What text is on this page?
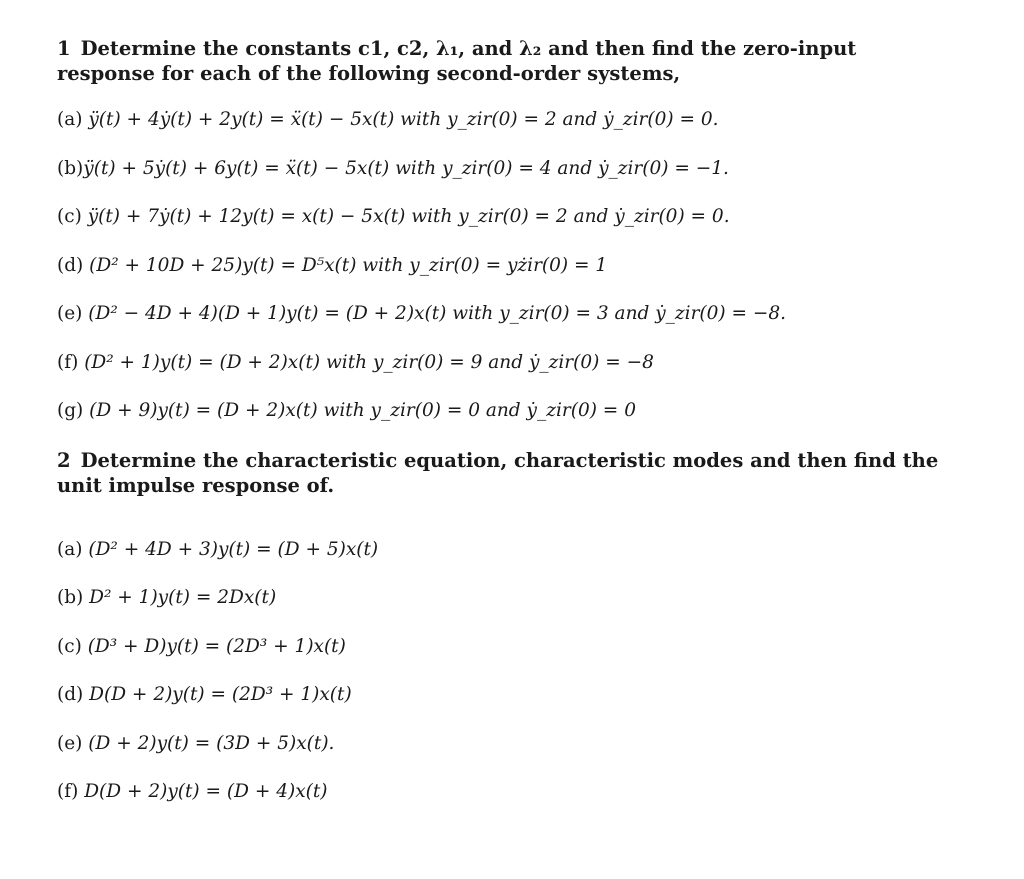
1 Determine the constants c1, c2, λ₁, and λ₂ and then find the zero-input response for each of the following second-order systems,

(a) ÿ(t) + 4ẏ(t) + 2y(t) = ẍ(t) − 5x(t) with y_zir(0) = 2 and ẏ_zir(0) = 0.
(b)ÿ(t) + 5ẏ(t) + 6y(t) = ẍ(t) − 5x(t) with y_zir(0) = 4 and ẏ_zir(0) = −1.
(c) ÿ(t) + 7ẏ(t) + 12y(t) = x(t) − 5x(t) with y_zir(0) = 2 and ẏ_zir(0) = 0.
(d) (D² + 10D + 25)y(t) = D⁵x(t) with y_zir(0) = yżir(0) = 1
(e) (D² − 4D + 4)(D + 1)y(t) = (D + 2)x(t) with y_zir(0) = 3 and ẏ_zir(0) = −8.
(f) (D² + 1)y(t) = (D + 2)x(t) with y_zir(0) = 9 and ẏ_zir(0) = −8
(g) (D + 9)y(t) = (D + 2)x(t) with y_zir(0) = 0 and ẏ_zir(0) = 0

2 Determine the characteristic equation, characteristic modes and then find the unit impulse response of.

(a) (D² + 4D + 3)y(t) = (D + 5)x(t)
(b) D² + 1)y(t) = 2Dx(t)
(c) (D³ + D)y(t) = (2D³ + 1)x(t)
(d) D(D + 2)y(t) = (2D³ + 1)x(t)
(e) (D + 2)y(t) = (3D + 5)x(t).
(f) D(D + 2)y(t) = (D + 4)x(t)
